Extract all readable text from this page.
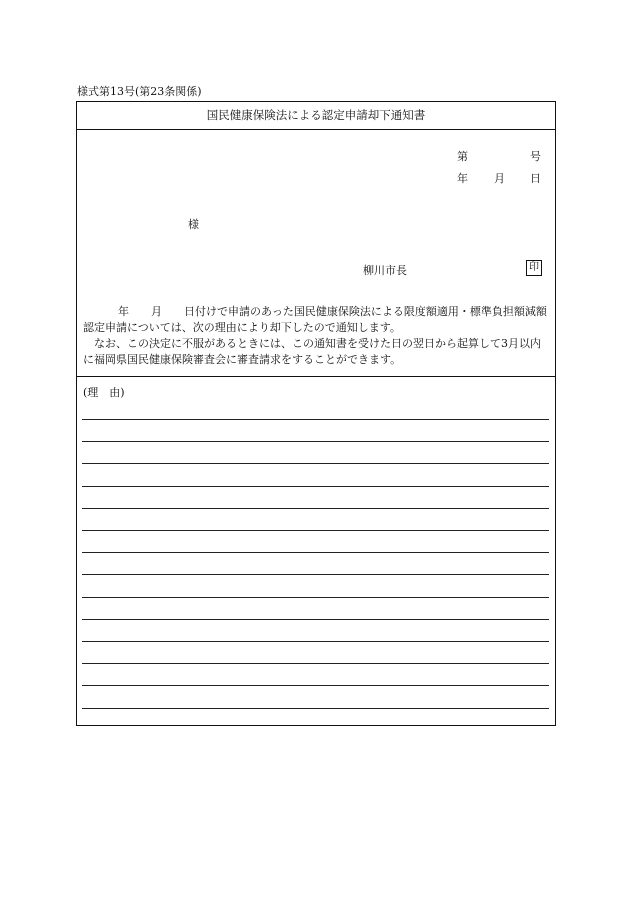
様式第13号(第23条関係)
国民健康保険法による認定申請却下通知書
第	号
年 月 日
様
柳川市長	印

年 月 日付けで申請のあった国民健康保険法による限度額適用・標準負担額減額認定申請については、次の理由により却下したので通知します。

なお、この決定に不服があるときには、この通知書を受けた日の翌日から起算して3月以内に福岡県国民健康保険審査会に審査請求をすることができます。

(理　由)
